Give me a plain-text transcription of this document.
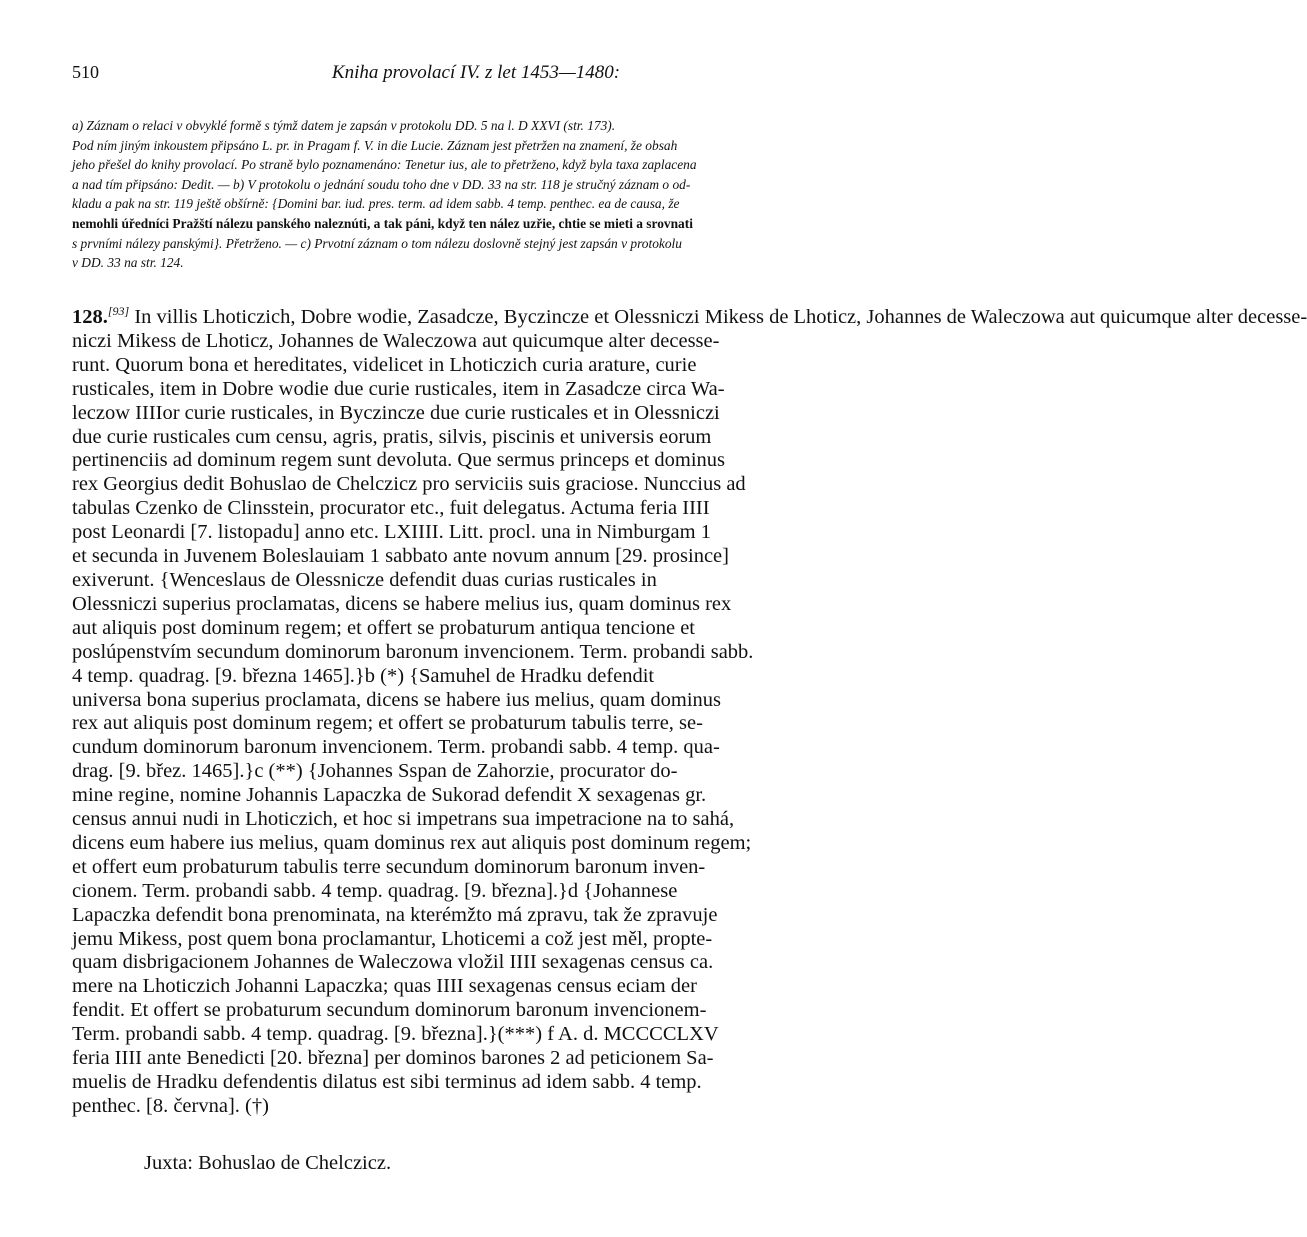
510	Kniha provolací IV. z let 1453—1480:
a) Záznam o relaci v obvyklé formě s týmž datem je zapsán v protokolu DD. 5 na l. D XXVI (str. 173).
Pod ním jiným inkoustem připsáno L. pr. in Pragam f. V. in die Lucie. Záznam jest přetržen na znamení, že obsah
jeho přešel do knihy provolací. Po straně bylo poznamenáno: Tenetur ius, ale to přetrženo, když byla taxa zaplacena
a nad tím připsáno: Dedit. — b) V protokolu o jednání soudu toho dne v DD. 33 na str. 118 je stručný záznam o od-
kladu a pak na str. 119 ještě obšírně: {Domini bar. iud. pres. term. ad idem sabb. 4 temp. penthec. ea de causa, že
nemohli úředníci Pražští nálezu panského naleznúti, a tak páni, když ten nález uzřie, chtie se mieti a srovnati
s prvními nálezy panskými}. Přetrženo. — c) Prvotní záznam o tom nálezu doslovně stejný jest zapsán v protokolu
v DD. 33 na str. 124.
128.[93] In villis Lhoticzich, Dobre wodie, Zasadcze, Byczincze et Olessniczi Mikess de Lhoticz, Johannes de Waleczowa aut quicumque alter decesse-
niczi Mikess de Lhoticz, Johannes de Waleczowa aut quicumque alter decesse-
runt. Quorum bona et hereditates, videlicet in Lhoticzich curia arature, curie
rusticales, item in Dobre wodie due curie rusticales, item in Zasadcze circa Wa-
leczow IIIIor curie rusticales, in Byczincze due curie rusticales et in Olessniczi
due curie rusticales cum censu, agris, pratis, silvis, piscinis et universis eorum
pertinenciis ad dominum regem sunt devoluta. Que sermus princeps et dominus
rex Georgius dedit Bohuslao de Chelczicz pro serviciis suis graciose. Nunccius ad
tabulas Czenko de Clinsstein, procurator etc., fuit delegatus. Actuma feria IIII
post Leonardi [7. listopadu] anno etc. LXIIII. Litt. procl. una in Nimburgam 1
et secunda in Juvenem Boleslauiam 1 sabbato ante novum annum [29. prosince]
exiverunt. {Wenceslaus de Olessnicze defendit duas curias rusticales in
Olessniczi superius proclamatas, dicens se habere melius ius, quam dominus rex
aut aliquis post dominum regem; et offert se probaturum antiqua tencione et
poslúpenstvím secundum dominorum baronum invencionem. Term. probandi sabb.
4 temp. quadrag. [9. března 1465].}b (*) {Samuhel de Hradku defendit
universa bona superius proclamata, dicens se habere ius melius, quam dominus
rex aut aliquis post dominum regem; et offert se probaturum tabulis terre, se-
cundum dominorum baronum invencionem. Term. probandi sabb. 4 temp. qua-
drag. [9. břez. 1465].}c (**) {Johannes Sspan de Zahorzie, procurator do-
mine regine, nomine Johannis Lapaczka de Sukorad defendit X sexagenas gr.
census annui nudi in Lhoticzich, et hoc si impetrans sua impetracione na to sahá,
dicens eum habere ius melius, quam dominus rex aut aliquis post dominum regem;
et offert eum probaturum tabulis terre secundum dominorum baronum inven-
cionem. Term. probandi sabb. 4 temp. quadrag. [9. března].}d {Johannese
Lapaczka defendit bona prenominata, na kterémžto má zpravu, tak že zpravuje
jemu Mikess, post quem bona proclamantur, Lhoticemi a což jest měl, propte-
quam disbrigacionem Johannes de Waleczowa vložil IIII sexagenas census ca.
mere na Lhoticzich Johanni Lapaczka; quas IIII sexagenas census eciam der
fendit. Et offert se probaturum secundum dominorum baronum invencionem-
Term. probandi sabb. 4 temp. quadrag. [9. března].}(***) f A. d. MCCCCLXV
feria IIII ante Benedicti [20. března] per dominos barones 2 ad peticionem Sa-
muelis de Hradku defendentis dilatus est sibi terminus ad idem sabb. 4 temp.
penthec. [8. června]. (†)
Juxta: Bohuslao de Chelczicz.
